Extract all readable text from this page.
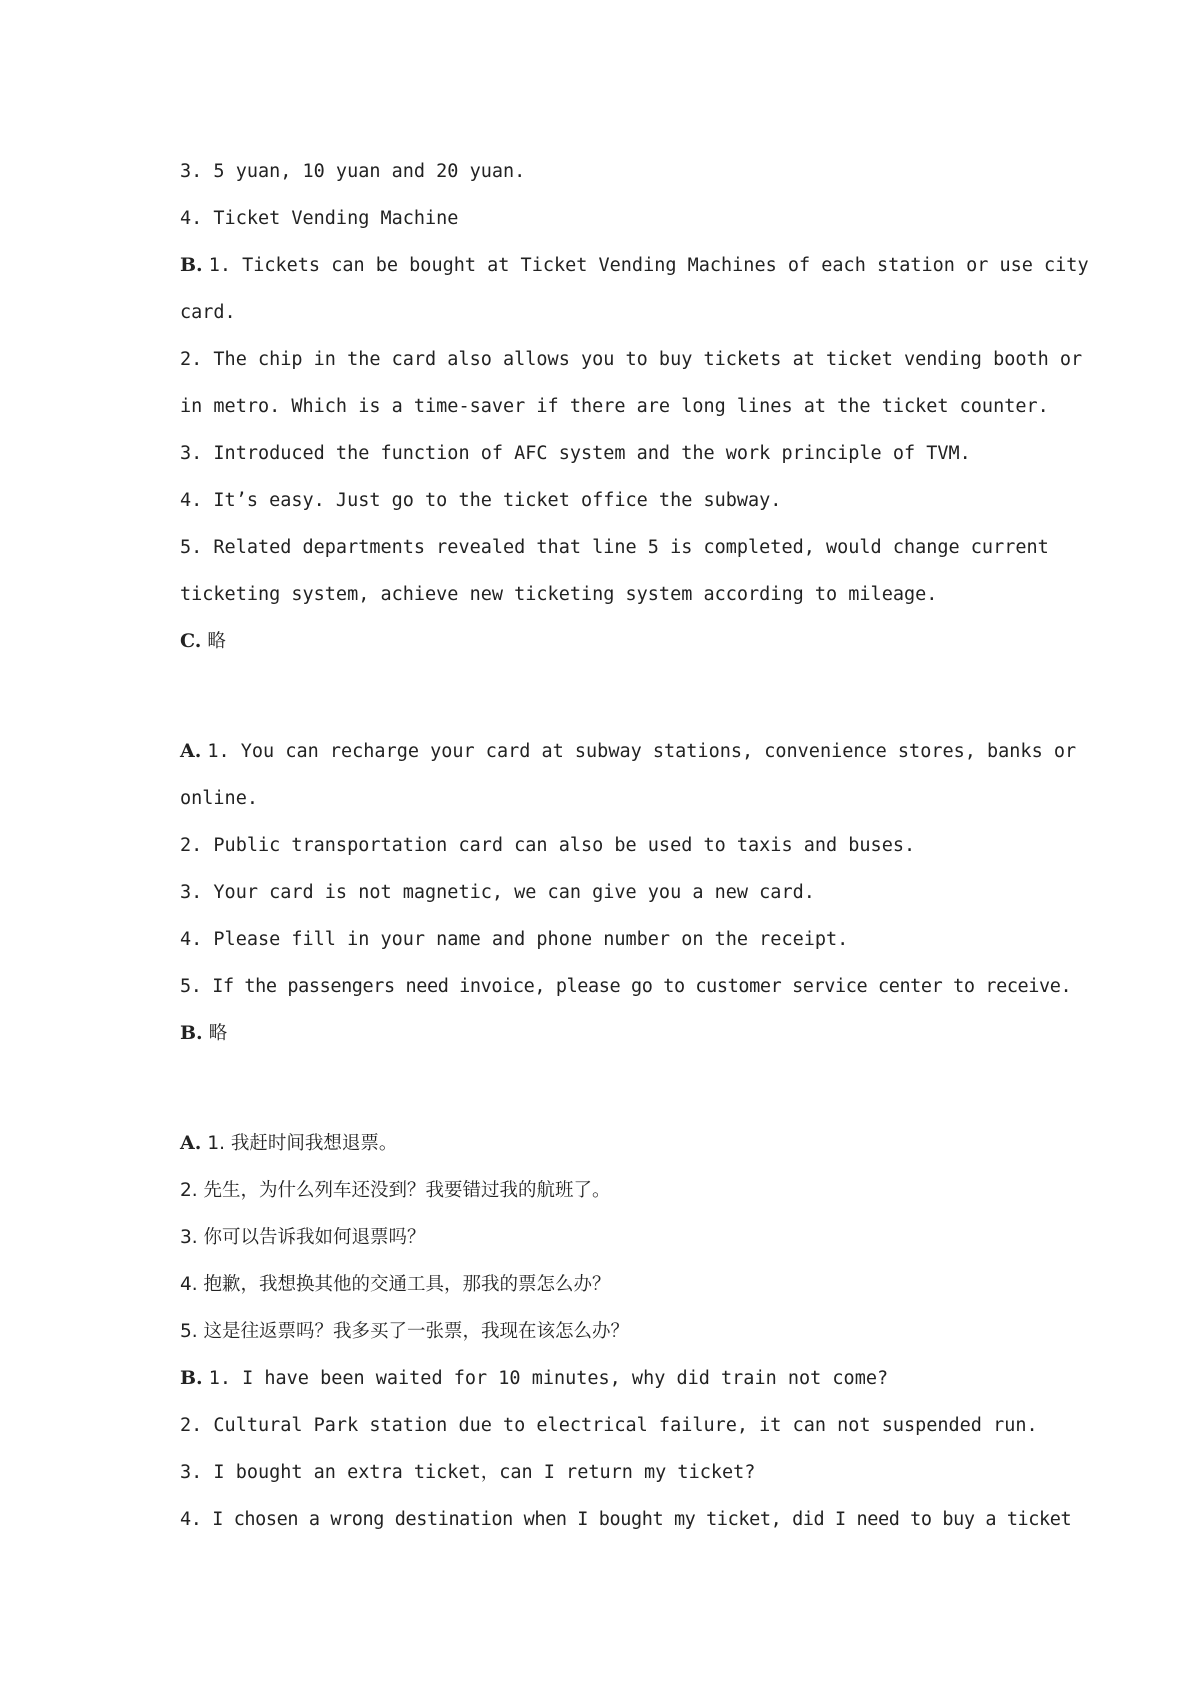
3. 5 yuan, 10 yuan and 20 yuan.
4. Ticket Vending Machine
B. 1. Tickets can be bought at Ticket Vending Machines of each station or use city
card.
2. The chip in the card also allows you to buy tickets at ticket vending booth or
in metro. Which is a time-saver if there are long lines at the ticket counter.
3. Introduced the function of AFC system and the work principle of TVM.
4. It’s easy. Just go to the ticket office the subway.
5. Related departments revealed that line 5 is completed, would change current
ticketing system, achieve new ticketing system according to mileage.
C. 略
A. 1. You can recharge your card at subway stations, convenience stores, banks or
online.
2. Public transportation card can also be used to taxis and buses.
3. Your card is not magnetic, we can give you a new card.
4. Please fill in your name and phone number on the receipt.
5. If the passengers need invoice, please go to customer service center to receive.
B. 略
A. 1. 我赶时间我想退票。
2. 先生，为什么列车还没到？我要错过我的航班了。
3. 你可以告诉我如何退票吗？
4. 抱歉，我想换其他的交通工具，那我的票怎么办？
5. 这是往返票吗？我多买了一张票，我现在该怎么办？
B. 1. I have been waited for 10 minutes, why did train not come?
2. Cultural Park station due to electrical failure, it can not suspended run.
3. I bought an extra ticket，can I return my ticket?
4. I chosen a wrong destination when I bought my ticket, did I need to buy a ticket
